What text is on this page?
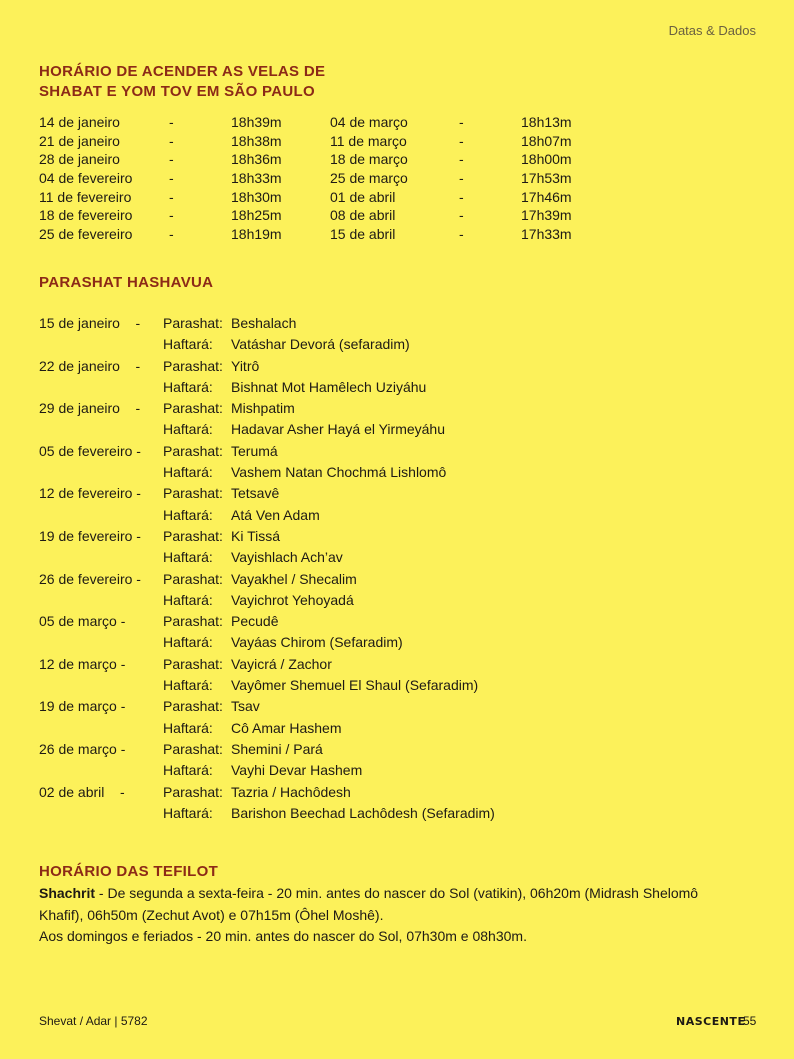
Datas & Dados
HORÁRIO DE ACENDER AS VELAS DE
SHABAT E YOM TOV EM SÃO PAULO
14 de janeiro	-	18h39m
21 de janeiro	-	18h38m
28 de janeiro	-	18h36m
04 de fevereiro	-	18h33m
11 de fevereiro	-	18h30m
18 de fevereiro	-	18h25m
25 de fevereiro	-	18h19m
04 de março	-	18h13m
11 de março	-	18h07m
18 de março	-	18h00m
25 de março	-	17h53m
01 de abril	-	17h46m
08 de abril	-	17h39m
15 de abril	-	17h33m
PARASHAT HASHAVUA
15 de janeiro    - Parashat: Beshalach
Haftará: Vatáshar Devorá (sefaradim)
22 de janeiro    - Parashat: Yitrô
Haftará: Bishnat Mot Hamêlech Uziyáhu
29 de janeiro    - Parashat: Mishpatim
Haftará: Hadavar Asher Hayá el Yirmeyáhu
05 de fevereiro - Parashat: Terumá
Haftará: Vashem Natan Chochmá Lishlomô
12 de fevereiro - Parashat: Tetsavê
Haftará: Atá Ven Adam
19 de fevereiro - Parashat: Ki Tissá
Haftará: Vayishlach Ach’av
26 de fevereiro - Parashat: Vayakhel / Shecalim
Haftará: Vayichrot Yehoyadá
05 de março -	Parashat: Pecudê
Haftará: Vayáas Chirom (Sefaradim)
12 de março -	Parashat: Vayicrá / Zachor
Haftará: Vayômer Shemuel El Shaul (Sefaradim)
19 de março -	Parashat: Tsav
Haftará: Cô Amar Hashem
26 de março -	Parashat: Shemini / Pará
Haftará: Vayhi Devar Hashem
02 de abril    -	Parashat: Tazria / Hachôdesh
Haftará: Barishon Beechad Lachôdesh (Sefaradim)
HORÁRIO DAS TEFILOT

Shachrit - De segunda a sexta-feira - 20 min. antes do nascer do Sol (vatikin), 06h20m (Midrash Shelomô Khafif), 06h50m (Zechut Avot) e 07h15m (Ôhel Moshê).
Aos domingos e feriados - 20 min. antes do nascer do Sol, 07h30m e 08h30m.

Shevat / Adar | 5782	NASCENTE
55
